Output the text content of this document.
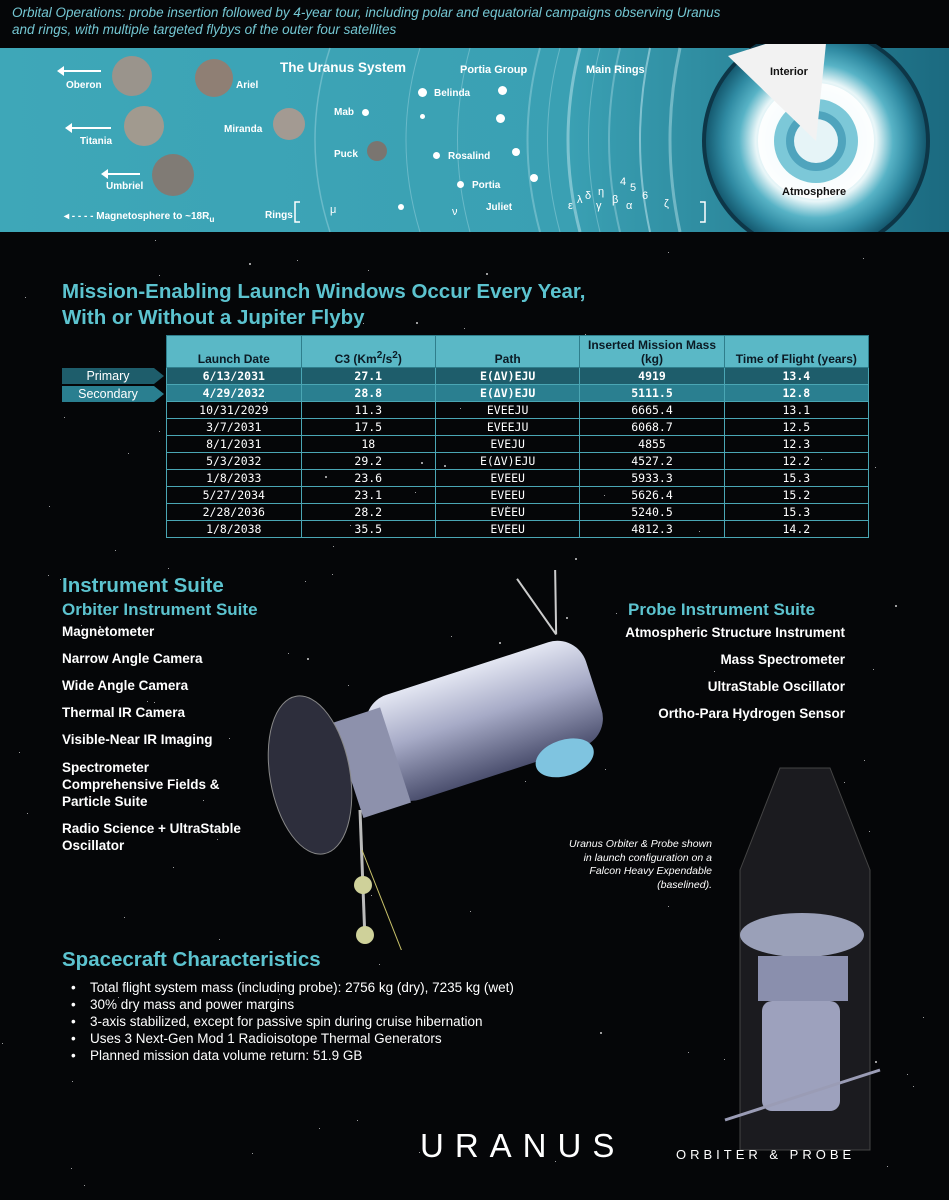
Orbital Operations: probe insertion followed by 4-year tour, including polar and equatorial campaigns observing Uranus and rings, with multiple targeted flybys of the outer four satellites
The Uranus System	Portia Group	Main Rings	Interior
Atmosphere
Oberon	Ariel
Titania
Miranda
Umbriel
Mab
Puck
Belinda
Rosalind
Portia
Juliet
Rings	μ	ν	ε λ δ
γ
η
β α
4 5
6
ζ
◂ - - - - Magnetosphere to $\sim 18R_u$
Mission-Enabling Launch Windows Occur Every Year,
With or Without a Jupiter Flyby
Primary
Secondary
Launch Date	C3 $(Km^2/s^2)$	Path	Inserted Mission Mass (kg)	Time of Flight (years)
6/13/2031	27.1	E(ΔV)EJU	4919	13.4
4/29/2032	28.8	E(ΔV)EJU	5111.5	12.8
10/31/2029	11.3	EVEEJU	6665.4	13.1
3/7/2031	17.5	EVEEJU	6068.7	12.5
8/1/2031	18	EVEJU	4855	12.3
5/3/2032	29.2	E(ΔV)EJU	4527.2	12.2
1/8/2033	23.6	EVEEU	5933.3	15.3
5/27/2034	23.1	EVEEU	5626.4	15.2
2/28/2036	28.2	EVEEU	5240.5	15.3
1/8/2038	35.5	EVEEU	4812.3	14.2
Instrument Suite
Orbiter Instrument Suite	Probe Instrument Suite
Magnetometer
Narrow Angle Camera
Wide Angle Camera
Thermal IR Camera
Visible-Near IR Imaging
Spectrometer Comprehensive Fields & Particle Suite
Radio Science + UltraStable Oscillator
Atmospheric Structure Instrument
Mass Spectrometer
UltraStable Oscillator
Ortho-Para Hydrogen Sensor
Uranus Orbiter & Probe shown in launch configuration on a Falcon Heavy Expendable (baselined).
Spacecraft Characteristics
• Total flight system mass (including probe): 2756 kg (dry), 7235 kg (wet)
• 30% dry mass and power margins
• 3-axis stabilized, except for passive spin during cruise hibernation
• Uses 3 Next-Gen Mod 1 Radioisotope Thermal Generators
• Planned mission data volume return: 51.9 GB
URANUS	ORBITER & PROBE
